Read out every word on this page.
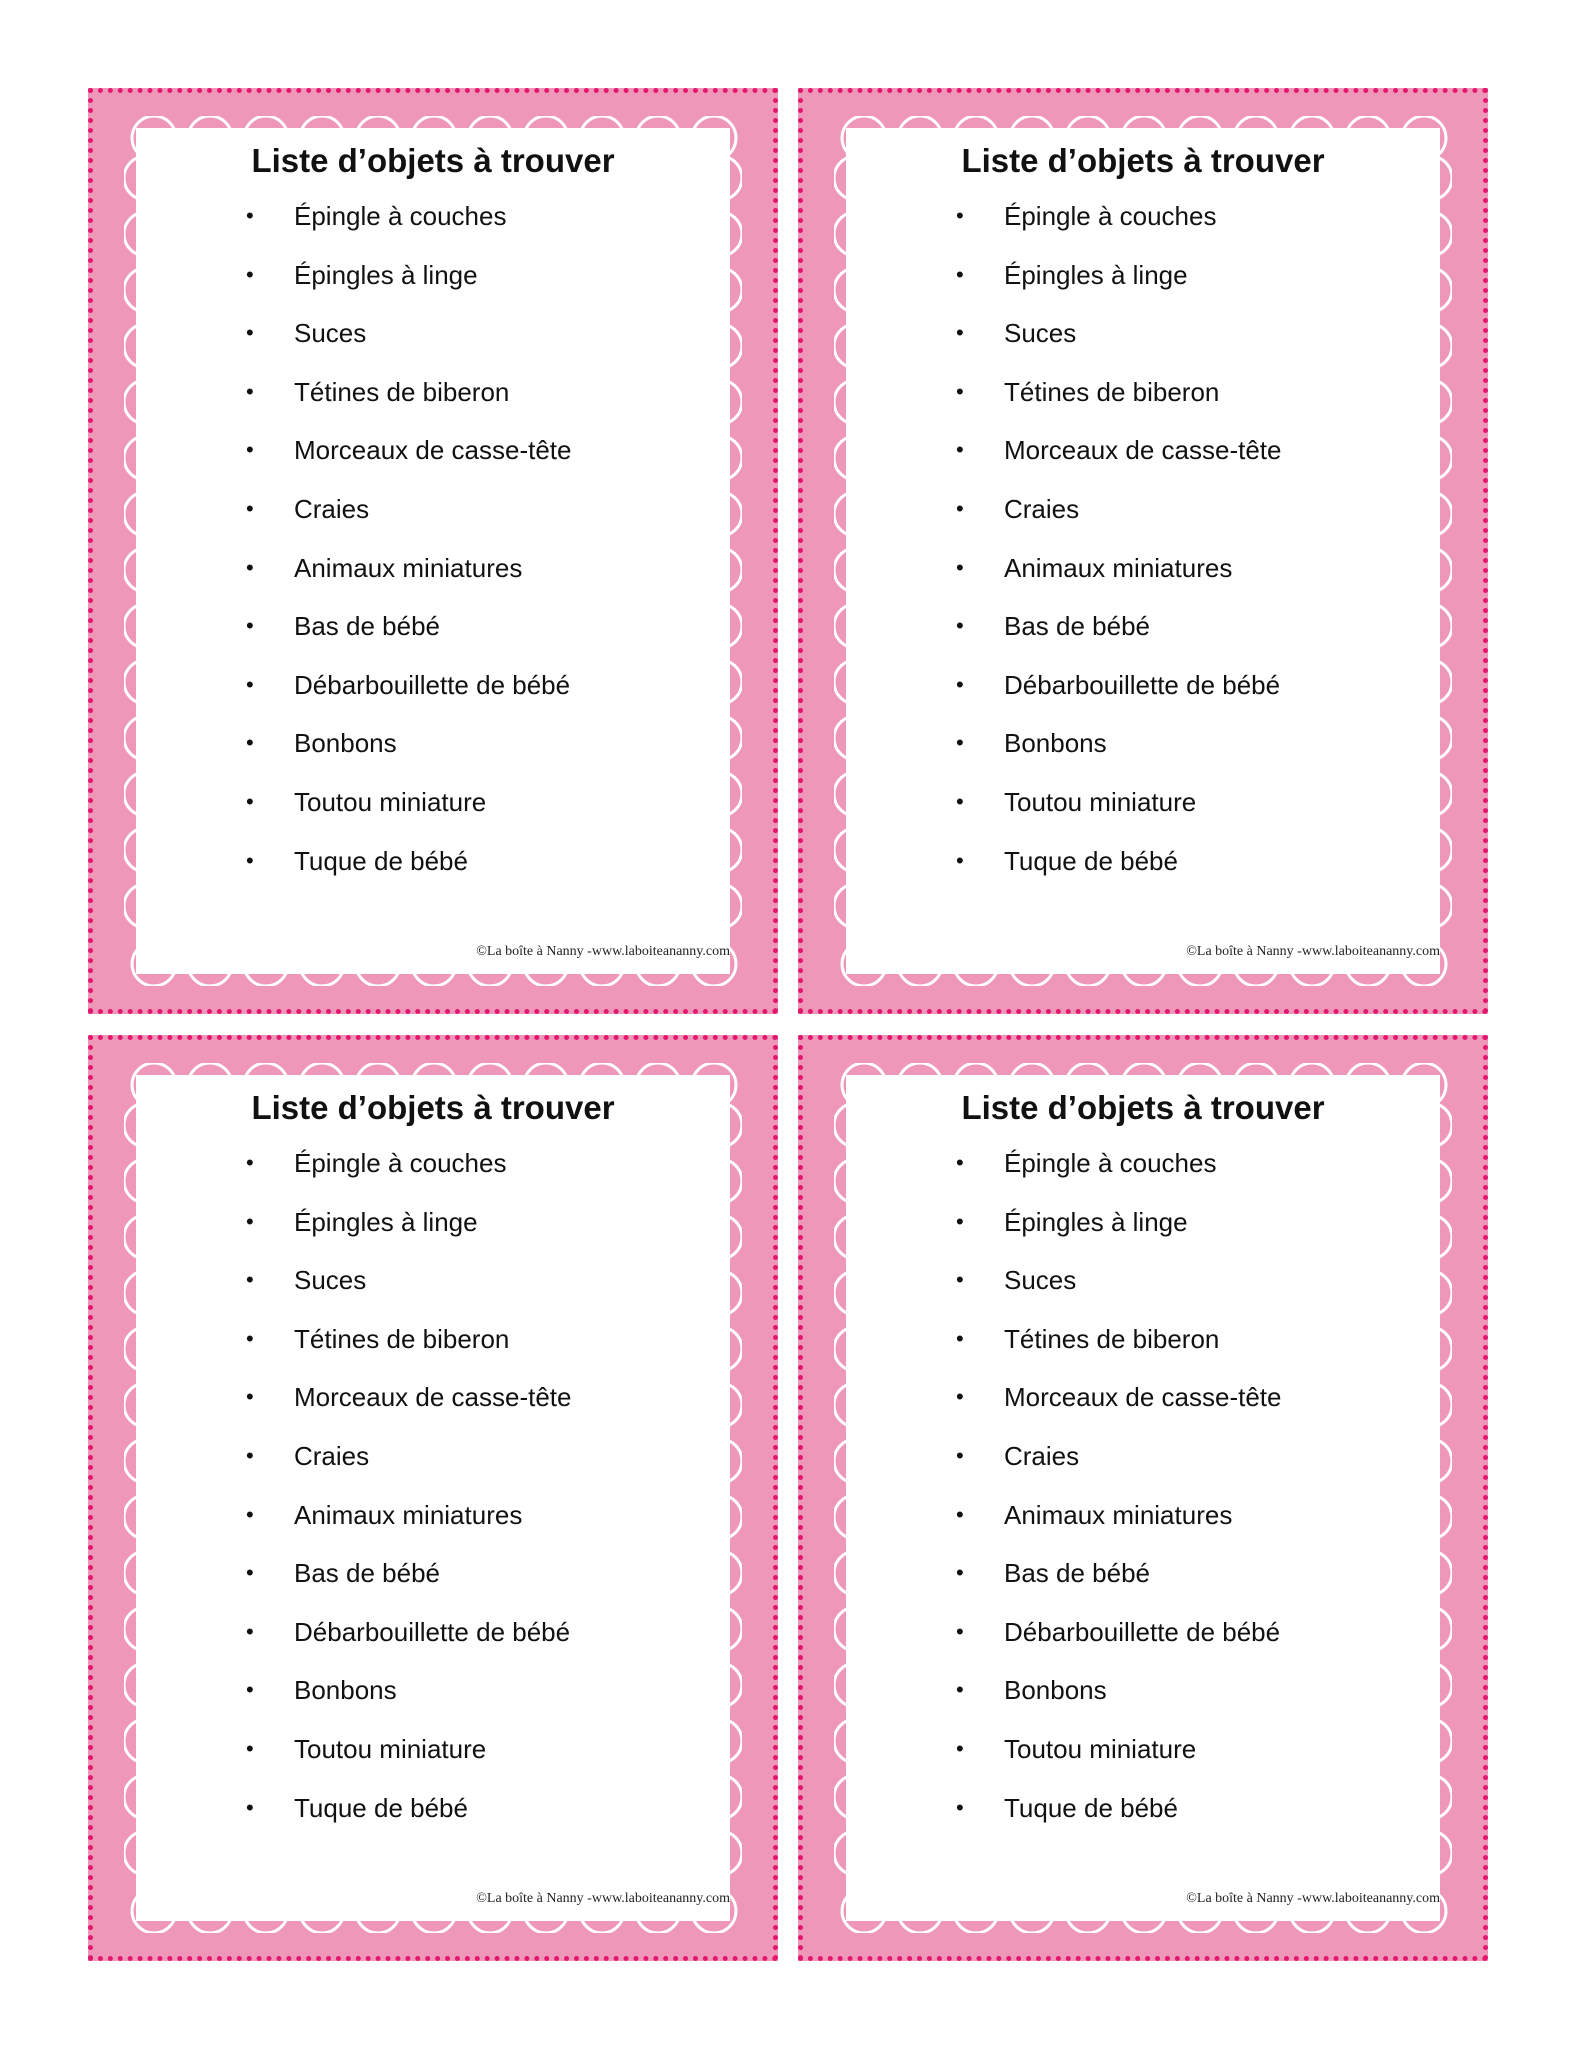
Liste d’objets à trouver
• Épingle à couches
• Épingles à linge
• Suces
• Tétines de biberon
• Morceaux de casse-tête
• Craies
• Animaux miniatures
• Bas de bébé
• Débarbouillette de bébé
• Bonbons
• Toutou miniature
• Tuque de bébé
©La boîte à Nanny -www.laboiteananny.com
Liste d’objets à trouver
• Épingle à couches
• Épingles à linge
• Suces
• Tétines de biberon
• Morceaux de casse-tête
• Craies
• Animaux miniatures
• Bas de bébé
• Débarbouillette de bébé
• Bonbons
• Toutou miniature
• Tuque de bébé
©La boîte à Nanny -www.laboiteananny.com
Liste d’objets à trouver
• Épingle à couches
• Épingles à linge
• Suces
• Tétines de biberon
• Morceaux de casse-tête
• Craies
• Animaux miniatures
• Bas de bébé
• Débarbouillette de bébé
• Bonbons
• Toutou miniature
• Tuque de bébé
©La boîte à Nanny -www.laboiteananny.com
Liste d’objets à trouver
• Épingle à couches
• Épingles à linge
• Suces
• Tétines de biberon
• Morceaux de casse-tête
• Craies
• Animaux miniatures
• Bas de bébé
• Débarbouillette de bébé
• Bonbons
• Toutou miniature
• Tuque de bébé
©La boîte à Nanny -www.laboiteananny.com
